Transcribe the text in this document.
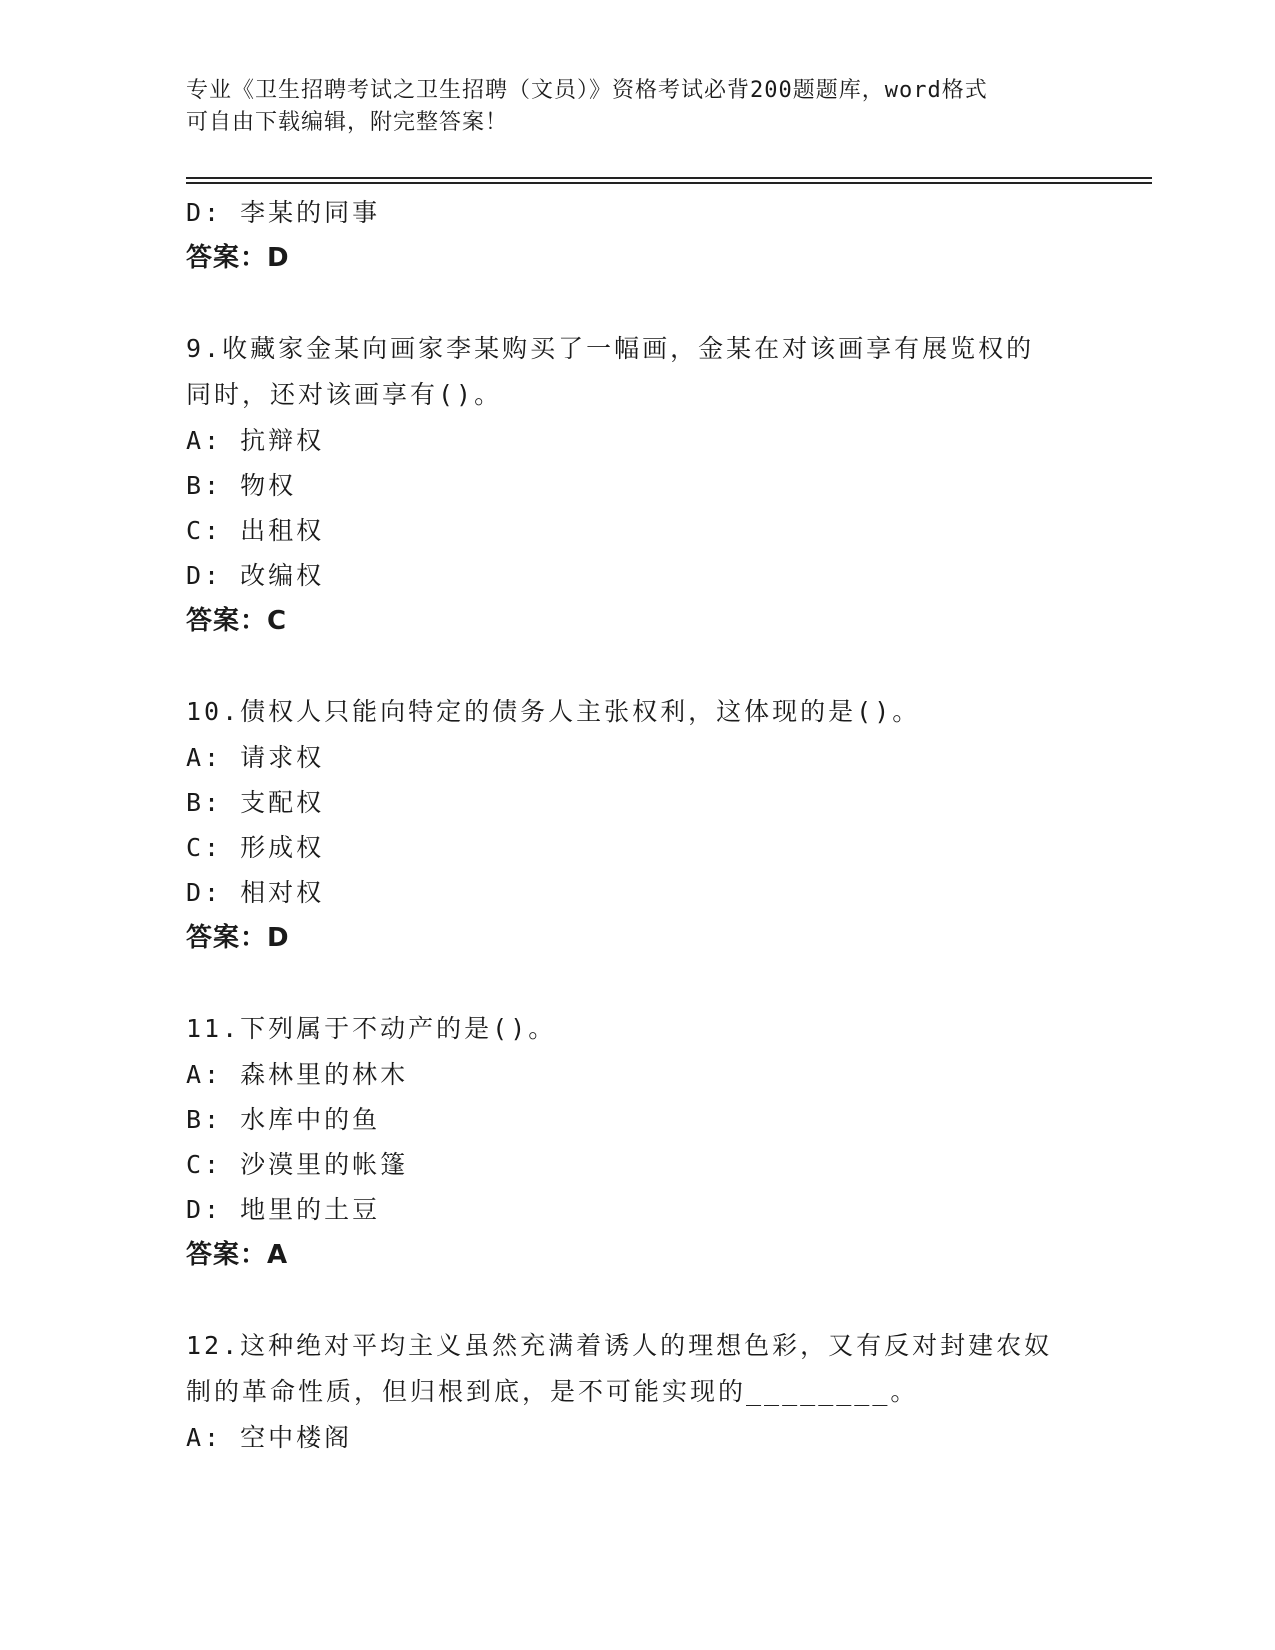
专业《卫生招聘考试之卫生招聘（文员）》资格考试必背200题题库，word格式
可自由下载编辑，附完整答案！
D: 李某的同事
答案：D
9.收藏家金某向画家李某购买了一幅画，金某在对该画享有展览权的
同时，还对该画享有()。
A: 抗辩权
B: 物权
C: 出租权
D: 改编权
答案：C
10.债权人只能向特定的债务人主张权利，这体现的是()。
A: 请求权
B: 支配权
C: 形成权
D: 相对权
答案：D
11.下列属于不动产的是()。
A: 森林里的林木
B: 水库中的鱼
C: 沙漠里的帐篷
D: 地里的土豆
答案：A
12.这种绝对平均主义虽然充满着诱人的理想色彩，又有反对封建农奴
制的革命性质，但归根到底，是不可能实现的________。
A: 空中楼阁
